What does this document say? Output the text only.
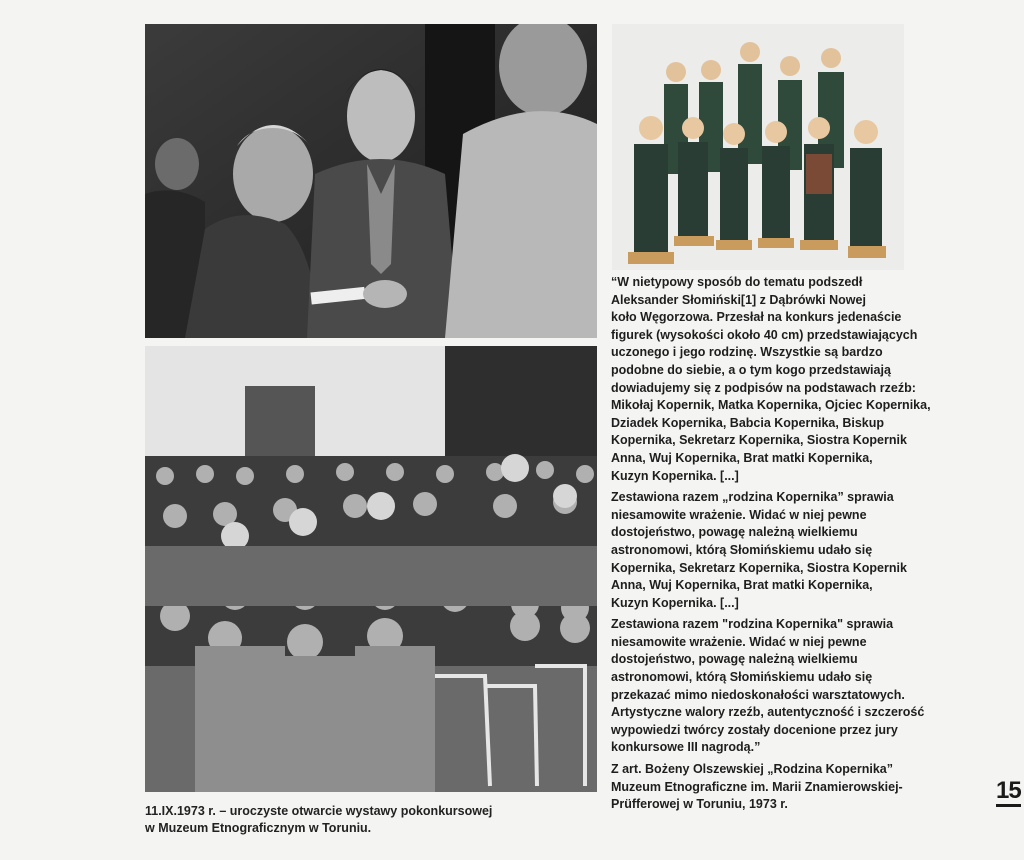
11.IX.1973 r. – uroczyste otwarcie wystawy pokonkursowej
w Muzeum Etnograficznym w Toruniu.
“W nietypowy sposób do tematu podszedł
Aleksander Słomiński[1] z Dąbrówki Nowej
koło Węgorzowa. Przesłał na konkurs jedenaście
figurek (wysokości około 40 cm) przedstawiających
uczonego i jego rodzinę. Wszystkie są bardzo
podobne do siebie, a o tym kogo przedstawiają
dowiadujemy się z podpisów na podstawach rzeźb:
Mikołaj Kopernik, Matka Kopernika, Ojciec Kopernika,
Dziadek Kopernika, Babcia Kopernika, Biskup
Kopernika, Sekretarz Kopernika, Siostra Kopernik
Anna, Wuj Kopernika, Brat matki Kopernika,
Kuzyn Kopernika. [...]
Zestawiona razem „rodzina Kopernika” sprawia
niesamowite wrażenie. Widać w niej pewne
dostojeństwo, powagę należną wielkiemu
astronomowi, którą Słomińskiemu udało się
Kopernika, Sekretarz Kopernika, Siostra Kopernik
Anna, Wuj Kopernika, Brat matki Kopernika,
Kuzyn Kopernika. [...]
Zestawiona razem "rodzina Kopernika" sprawia
niesamowite wrażenie. Widać w niej pewne
dostojeństwo, powagę należną wielkiemu
astronomowi, którą Słomińskiemu udało się
przekazać mimo niedoskonałości warsztatowych.
Artystyczne walory rzeźb, autentyczność i szczerość
wypowiedzi twórcy zostały docenione przez jury
konkursowe III nagrodą.”
Z art. Bożeny Olszewskiej „Rodzina Kopernika”
Muzeum Etnograficzne im. Marii Znamierowskiej-
Prüfferowej w Toruniu, 1973 r.
15
